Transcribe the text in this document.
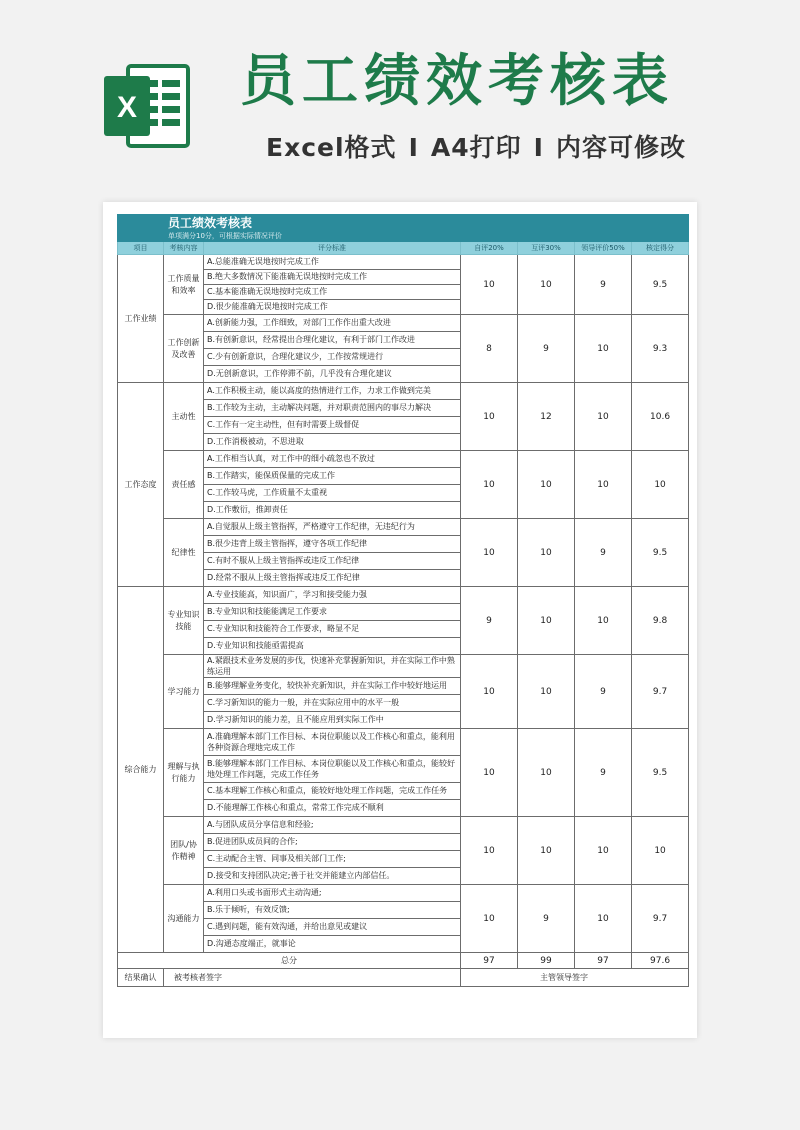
X 员工绩效考核表
Excel格式 I A4打印 I 内容可修改
员工绩效考核表						
单项满分10分，可根据实际情况评价						
项目	考核内容	评分标准	自评20%	互评30%	领导评价50%	核定得分
工作业绩	工作质量和效率	A.总能准确无误地按时完成工作	10	10	9	9.5
		B.绝大多数情况下能准确无误地按时完成工作				
		C.基本能准确无误地按时完成工作				
		D.很少能准确无误地按时完成工作				
	工作创新及改善	A.创新能力强，工作细致，对部门工作作出重大改进	8	9	10	9.3
		B.有创新意识，经常提出合理化建议，有利于部门工作改进				
		C.少有创新意识，合理化建议少，工作按常规进行				
		D.无创新意识，工作停滞不前，几乎没有合理化建议				
工作态度	主动性	A.工作积极主动，能以高度的热情进行工作，力求工作做到完美	10	12	10	10.6
		B.工作较为主动，主动解决问题，并对职责范围内的事尽力解决				
		C.工作有一定主动性，但有时需要上级督促				
		D.工作消极被动，不思进取				
	责任感	A.工作相当认真，对工作中的细小疏忽也不放过	10	10	10	10
		B.工作踏实，能保质保量的完成工作				
		C.工作较马虎，工作质量不太重视				
		D.工作敷衍，推卸责任				
	纪律性	A.自觉服从上级主管指挥，严格遵守工作纪律，无违纪行为	10	10	9	9.5
		B.很少违背上级主管指挥，遵守各项工作纪律				
		C.有时不服从上级主管指挥或违反工作纪律				
		D.经常不服从上级主管指挥或违反工作纪律				
综合能力	专业知识技能	A.专业技能高，知识面广，学习和接受能力强	9	10	10	9.8
		B.专业知识和技能能满足工作要求				
		C.专业知识和技能符合工作要求，略显不足				
		D.专业知识和技能亟需提高				
	学习能力	A.紧跟技术业务发展的步伐，快速补充掌握新知识，并在实际工作中熟练运用	10	10	9	9.7
		B.能够理解业务变化，较快补充新知识，并在实际工作中较好地运用				
		C.学习新知识的能力一般，并在实际应用中的水平一般				
		D.学习新知识的能力差，且不能应用到实际工作中				
	理解与执行能力	A.准确理解本部门工作目标、本岗位职能以及工作核心和重点，能利用各种资源合理地完成工作	10	10	9	9.5
		B.能够理解本部门工作目标、本岗位职能以及工作核心和重点，能较好地处理工作问题，完成工作任务				
		C.基本理解工作核心和重点，能较好地处理工作问题，完成工作任务				
		D.不能理解工作核心和重点，常常工作完成不顺利				
	团队/协作精神	A.与团队成员分享信息和经验;	10	10	10	10
		B.促进团队成员间的合作;				
		C.主动配合主管、同事及相关部门工作;				
		D.接受和支持团队决定;善于社交并能建立内部信任。				
	沟通能力	A.利用口头或书面形式主动沟通;	10	9	10	9.7
		B.乐于倾听，有效反馈;				
		C.遇到问题，能有效沟通，并给出意见或建议				
		D.沟通态度端正，就事论				
总分			97	99	97	97.6
结果确认	被考核者签字		主管领导签字			
